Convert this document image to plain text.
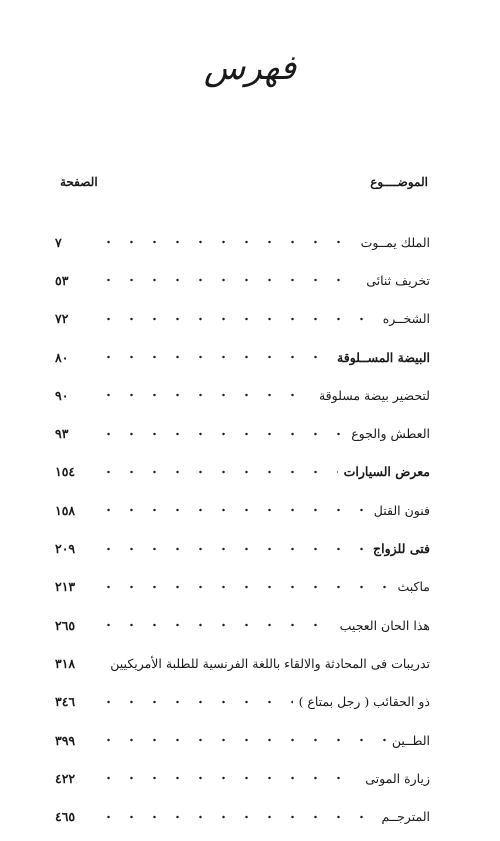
فهرس
الموضــــوع
الصفحة
الملك يمــوت
٧
تخريف ثنائى
٥٣
الشخــره
٧٢
البيضة المســلوقة
٨٠
لتحضير بيضة مسلوقة
٩٠
العطش والجوع
٩٣
معرض السيارات
١٥٤
فنون القتل
١٥٨
فتى للزواج
٢٠٩
ماكبث
٢١٣
هذا الحان العجيب
٢٦٥
تدريبات فى المحادثة والالقاء باللغة الفرنسية للطلبة الأمريكيين
٣١٨
ذو الحقائب ( رجل بمتاع )
٣٤٦
الطــين
٣٩٩
زيارة الموتى
٤٢٢
المترجــم
٤٦٥
